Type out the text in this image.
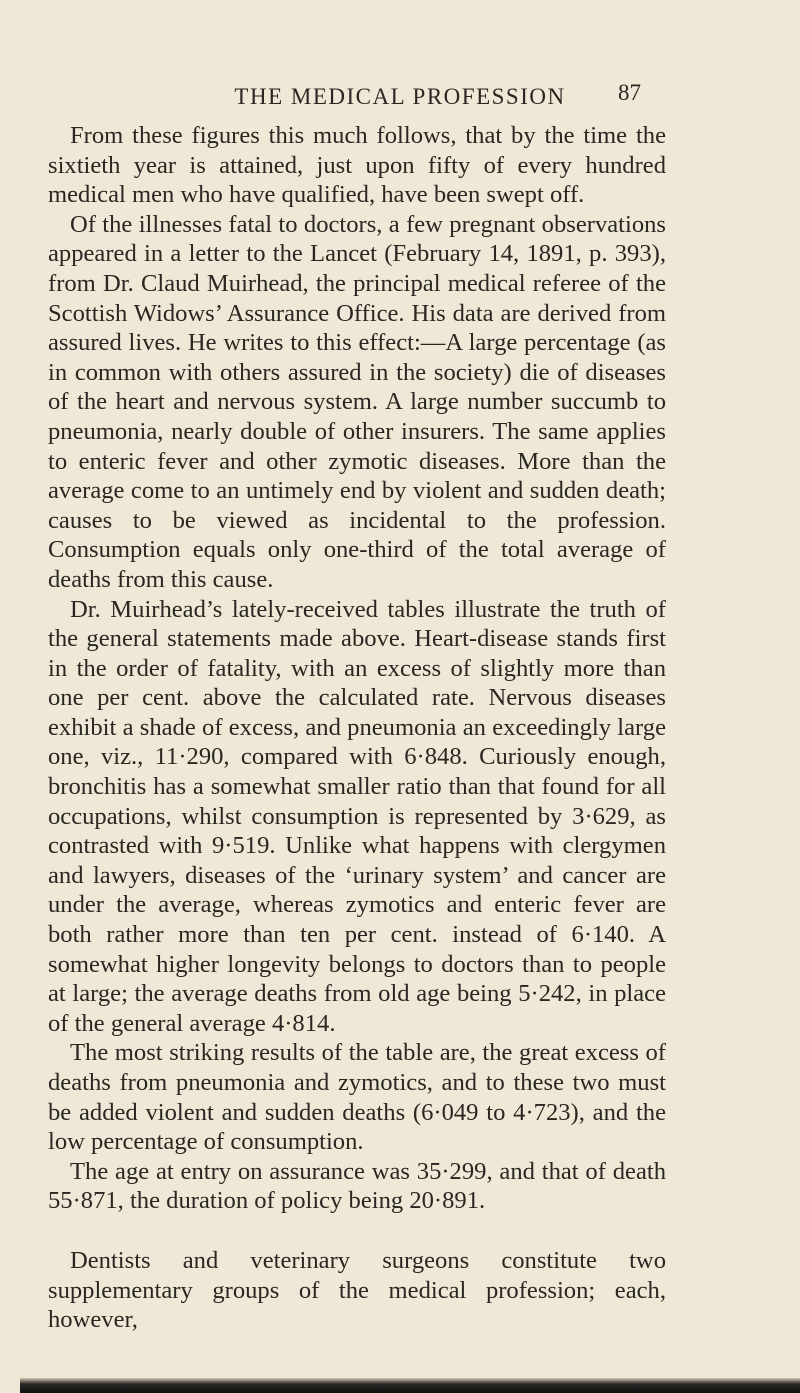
THE MEDICAL PROFESSION	87

From these figures this much follows, that by the time the sixtieth year is attained, just upon fifty of every hundred medical men who have qualified, have been swept off.

Of the illnesses fatal to doctors, a few pregnant observations appeared in a letter to the Lancet (February 14, 1891, p. 393), from Dr. Claud Muirhead, the principal medical referee of the Scottish Widows’ Assurance Office. His data are derived from assured lives. He writes to this effect:—A large percentage (as in common with others assured in the society) die of diseases of the heart and nervous system. A large number succumb to pneumonia, nearly double of other insurers. The same applies to enteric fever and other zymotic diseases. More than the average come to an untimely end by violent and sudden death; causes to be viewed as incidental to the profession. Consumption equals only one-third of the total average of deaths from this cause.

Dr. Muirhead’s lately-received tables illustrate the truth of the general statements made above. Heart-disease stands first in the order of fatality, with an excess of slightly more than one per cent. above the calculated rate. Nervous diseases exhibit a shade of excess, and pneumonia an exceedingly large one, viz., 11·290, compared with 6·848. Curiously enough, bronchitis has a somewhat smaller ratio than that found for all occupations, whilst consumption is represented by 3·629, as contrasted with 9·519. Unlike what happens with clergymen and lawyers, diseases of the ‘urinary system’ and cancer are under the average, whereas zymotics and enteric fever are both rather more than ten per cent. instead of 6·140. A somewhat higher longevity belongs to doctors than to people at large; the average deaths from old age being 5·242, in place of the general average 4·814.

The most striking results of the table are, the great excess of deaths from pneumonia and zymotics, and to these two must be added violent and sudden deaths (6·049 to 4·723), and the low percentage of consumption.

The age at entry on assurance was 35·299, and that of death 55·871, the duration of policy being 20·891.

Dentists and veterinary surgeons constitute two supplementary groups of the medical profession; each, however,
